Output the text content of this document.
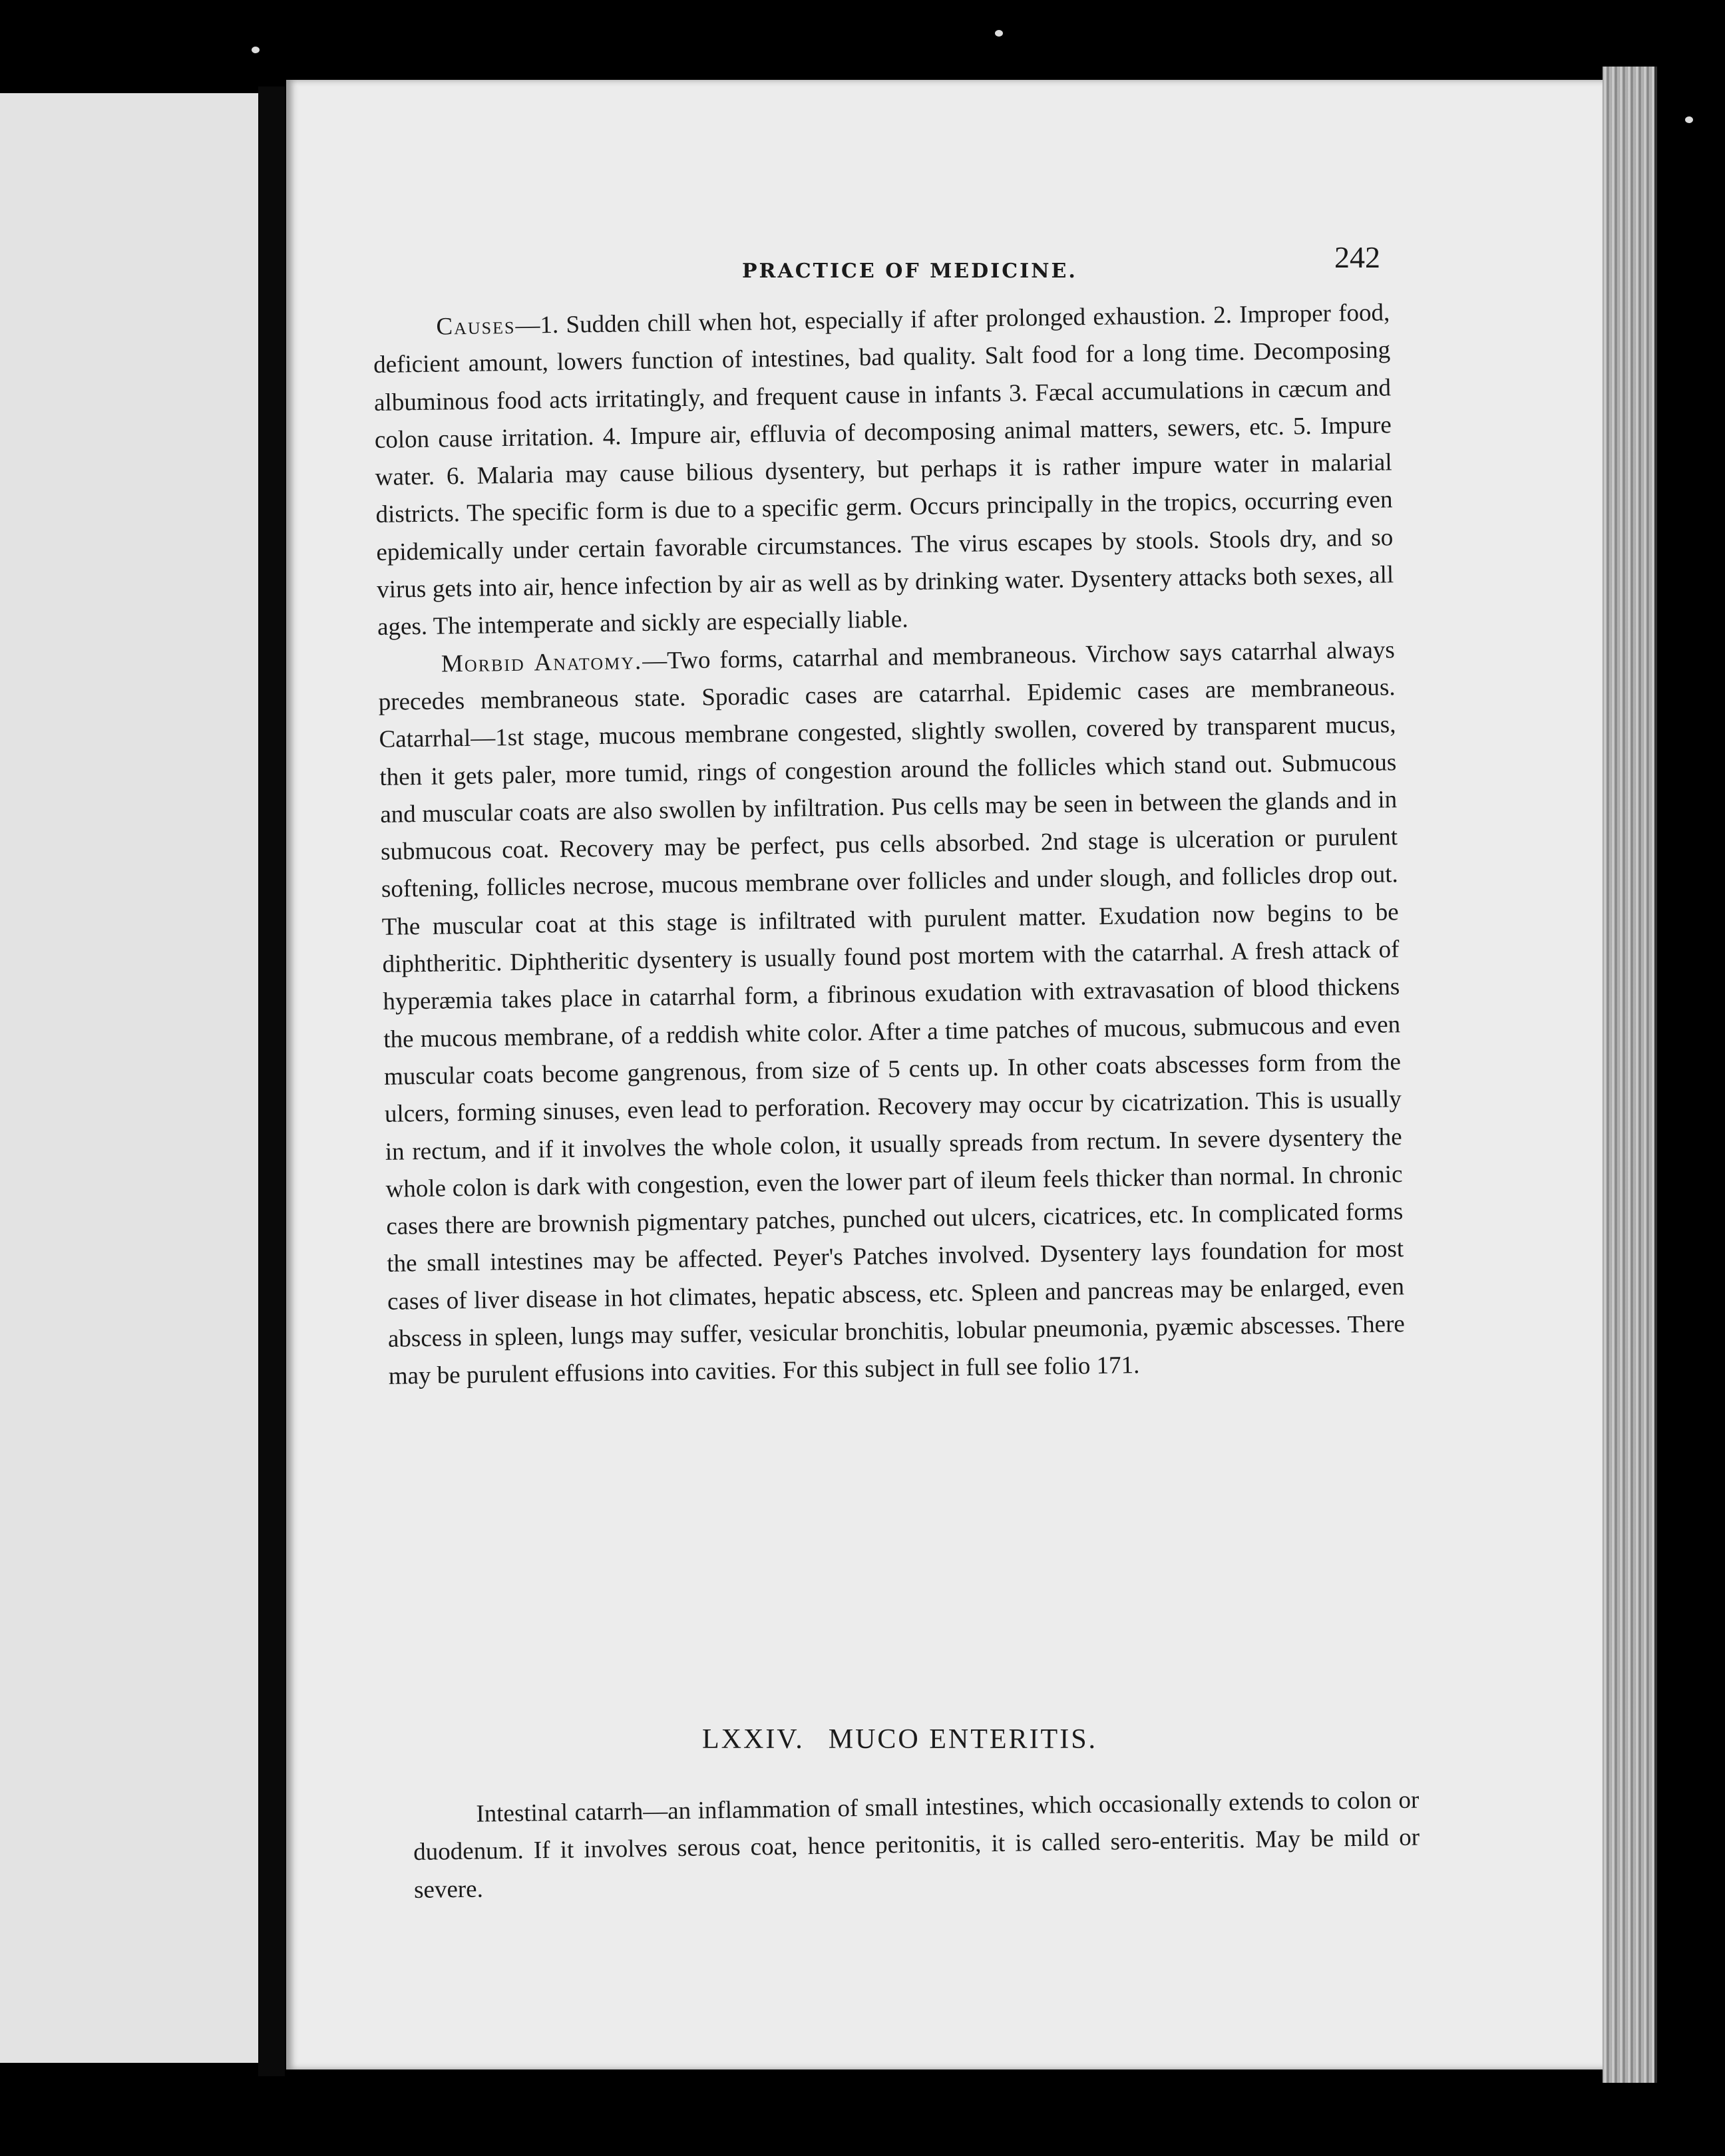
PRACTICE OF MEDICINE.	242

Causes—1. Sudden chill when hot, especially if after prolonged exhaustion. 2. Improper food, deficient amount, lowers function of intestines, bad quality. Salt food for a long time. Decomposing albuminous food acts irritatingly, and frequent cause in infants 3. Fæcal accumulations in cæcum and colon cause irritation. 4. Impure air, effluvia of decomposing animal matters, sewers, etc. 5. Impure water. 6. Malaria may cause bilious dysentery, but perhaps it is rather impure water in malarial districts. The specific form is due to a specific germ. Occurs principally in the tropics, occurring even epidemically under certain favorable circumstances. The virus escapes by stools. Stools dry, and so virus gets into air, hence infection by air as well as by drinking water. Dysentery attacks both sexes, all ages. The intemperate and sickly are especially liable.

Morbid Anatomy.—Two forms, catarrhal and membraneous. Virchow says catarrhal always precedes membraneous state. Sporadic cases are catarrhal. Epidemic cases are membraneous. Catarrhal—1st stage, mucous membrane congested, slightly swollen, covered by transparent mucus, then it gets paler, more tumid, rings of congestion around the follicles which stand out. Submucous and muscular coats are also swollen by infiltration. Pus cells may be seen in between the glands and in submucous coat. Recovery may be perfect, pus cells absorbed. 2nd stage is ulceration or purulent softening, follicles necrose, mucous membrane over follicles and under slough, and follicles drop out. The muscular coat at this stage is infiltrated with purulent matter. Exudation now begins to be diphtheritic. Diphtheritic dysentery is usually found post mortem with the catarrhal. A fresh attack of hyperæmia takes place in catarrhal form, a fibrinous exudation with extravasation of blood thickens the mucous membrane, of a reddish white color. After a time patches of mucous, submucous and even muscular coats become gangrenous, from size of 5 cents up. In other coats abscesses form from the ulcers, forming sinuses, even lead to perforation. Recovery may occur by cicatrization. This is usually in rectum, and if it involves the whole colon, it usually spreads from rectum. In severe dysentery the whole colon is dark with congestion, even the lower part of ileum feels thicker than normal. In chronic cases there are brownish pigmentary patches, punched out ulcers, cicatrices, etc. In complicated forms the small intestines may be affected. Peyer's Patches involved. Dysentery lays foundation for most cases of liver disease in hot climates, hepatic abscess, etc. Spleen and pancreas may be enlarged, even abscess in spleen, lungs may suffer, vesicular bronchitis, lobular pneumonia, pyæmic abscesses. There may be purulent effusions into cavities. For this subject in full see folio 171.

LXXIV. MUCO ENTERITIS.

Intestinal catarrh—an inflammation of small intestines, which occasionally extends to colon or duodenum. If it involves serous coat, hence peritonitis, it is called sero-enteritis. May be mild or severe.
